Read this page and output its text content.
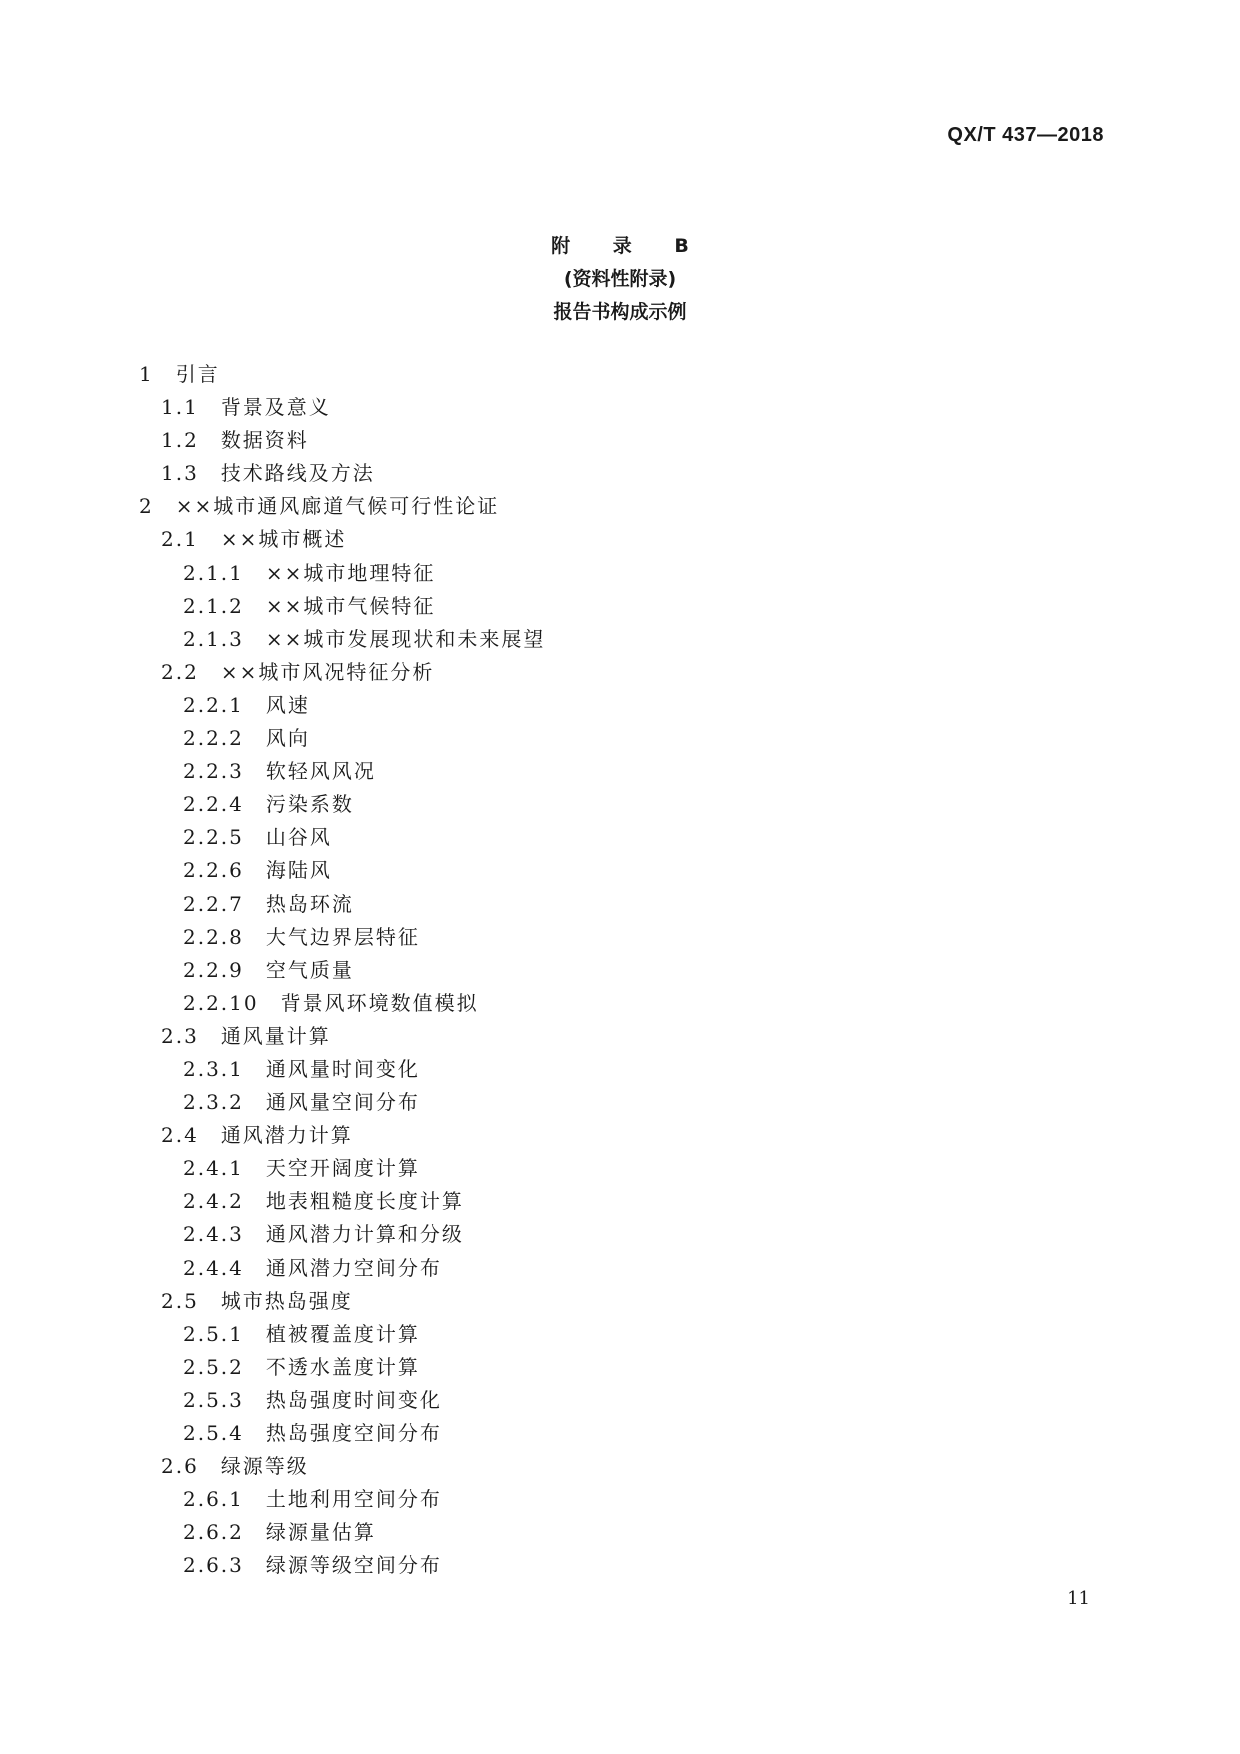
QX/T 437—2018
附 录 B
(资料性附录)
报告书构成示例
1 引言
1.1 背景及意义
1.2 数据资料
1.3 技术路线及方法
2 ××城市通风廊道气候可行性论证
2.1 ××城市概述
2.1.1 ××城市地理特征
2.1.2 ××城市气候特征
2.1.3 ××城市发展现状和未来展望
2.2 ××城市风况特征分析
2.2.1 风速
2.2.2 风向
2.2.3 软轻风风况
2.2.4 污染系数
2.2.5 山谷风
2.2.6 海陆风
2.2.7 热岛环流
2.2.8 大气边界层特征
2.2.9 空气质量
2.2.10 背景风环境数值模拟
2.3 通风量计算
2.3.1 通风量时间变化
2.3.2 通风量空间分布
2.4 通风潜力计算
2.4.1 天空开阔度计算
2.4.2 地表粗糙度长度计算
2.4.3 通风潜力计算和分级
2.4.4 通风潜力空间分布
2.5 城市热岛强度
2.5.1 植被覆盖度计算
2.5.2 不透水盖度计算
2.5.3 热岛强度时间变化
2.5.4 热岛强度空间分布
2.6 绿源等级
2.6.1 土地利用空间分布
2.6.2 绿源量估算
2.6.3 绿源等级空间分布
11
